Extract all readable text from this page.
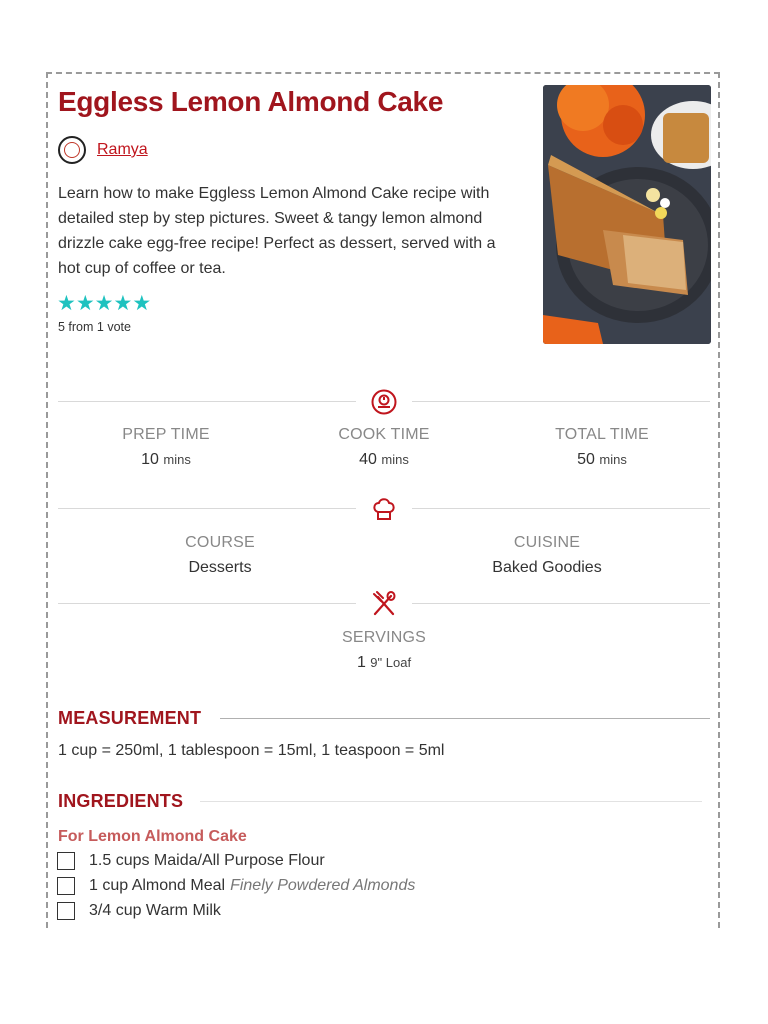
Eggless Lemon Almond Cake
Ramya

Learn how to make Eggless Lemon Almond Cake recipe with detailed step by step pictures. Sweet & tangy lemon almond drizzle cake egg-free recipe! Perfect as dessert, served with a hot cup of coffee or tea.

★ ★ ★ ★ ★
5 from 1 vote
PREP TIME
10 mins
COOK TIME
40 mins
TOTAL TIME
50 mins
COURSE
Desserts
CUISINE
Baked Goodies
SERVINGS
1 9" Loaf
MEASUREMENT
1 cup = 250ml, 1 tablespoon = 15ml, 1 teaspoon = 5ml
INGREDIENTS
For Lemon Almond Cake
1.5 cups Maida/All Purpose Flour
1 cup Almond Meal Finely Powdered Almonds
3/4 cup Warm Milk
